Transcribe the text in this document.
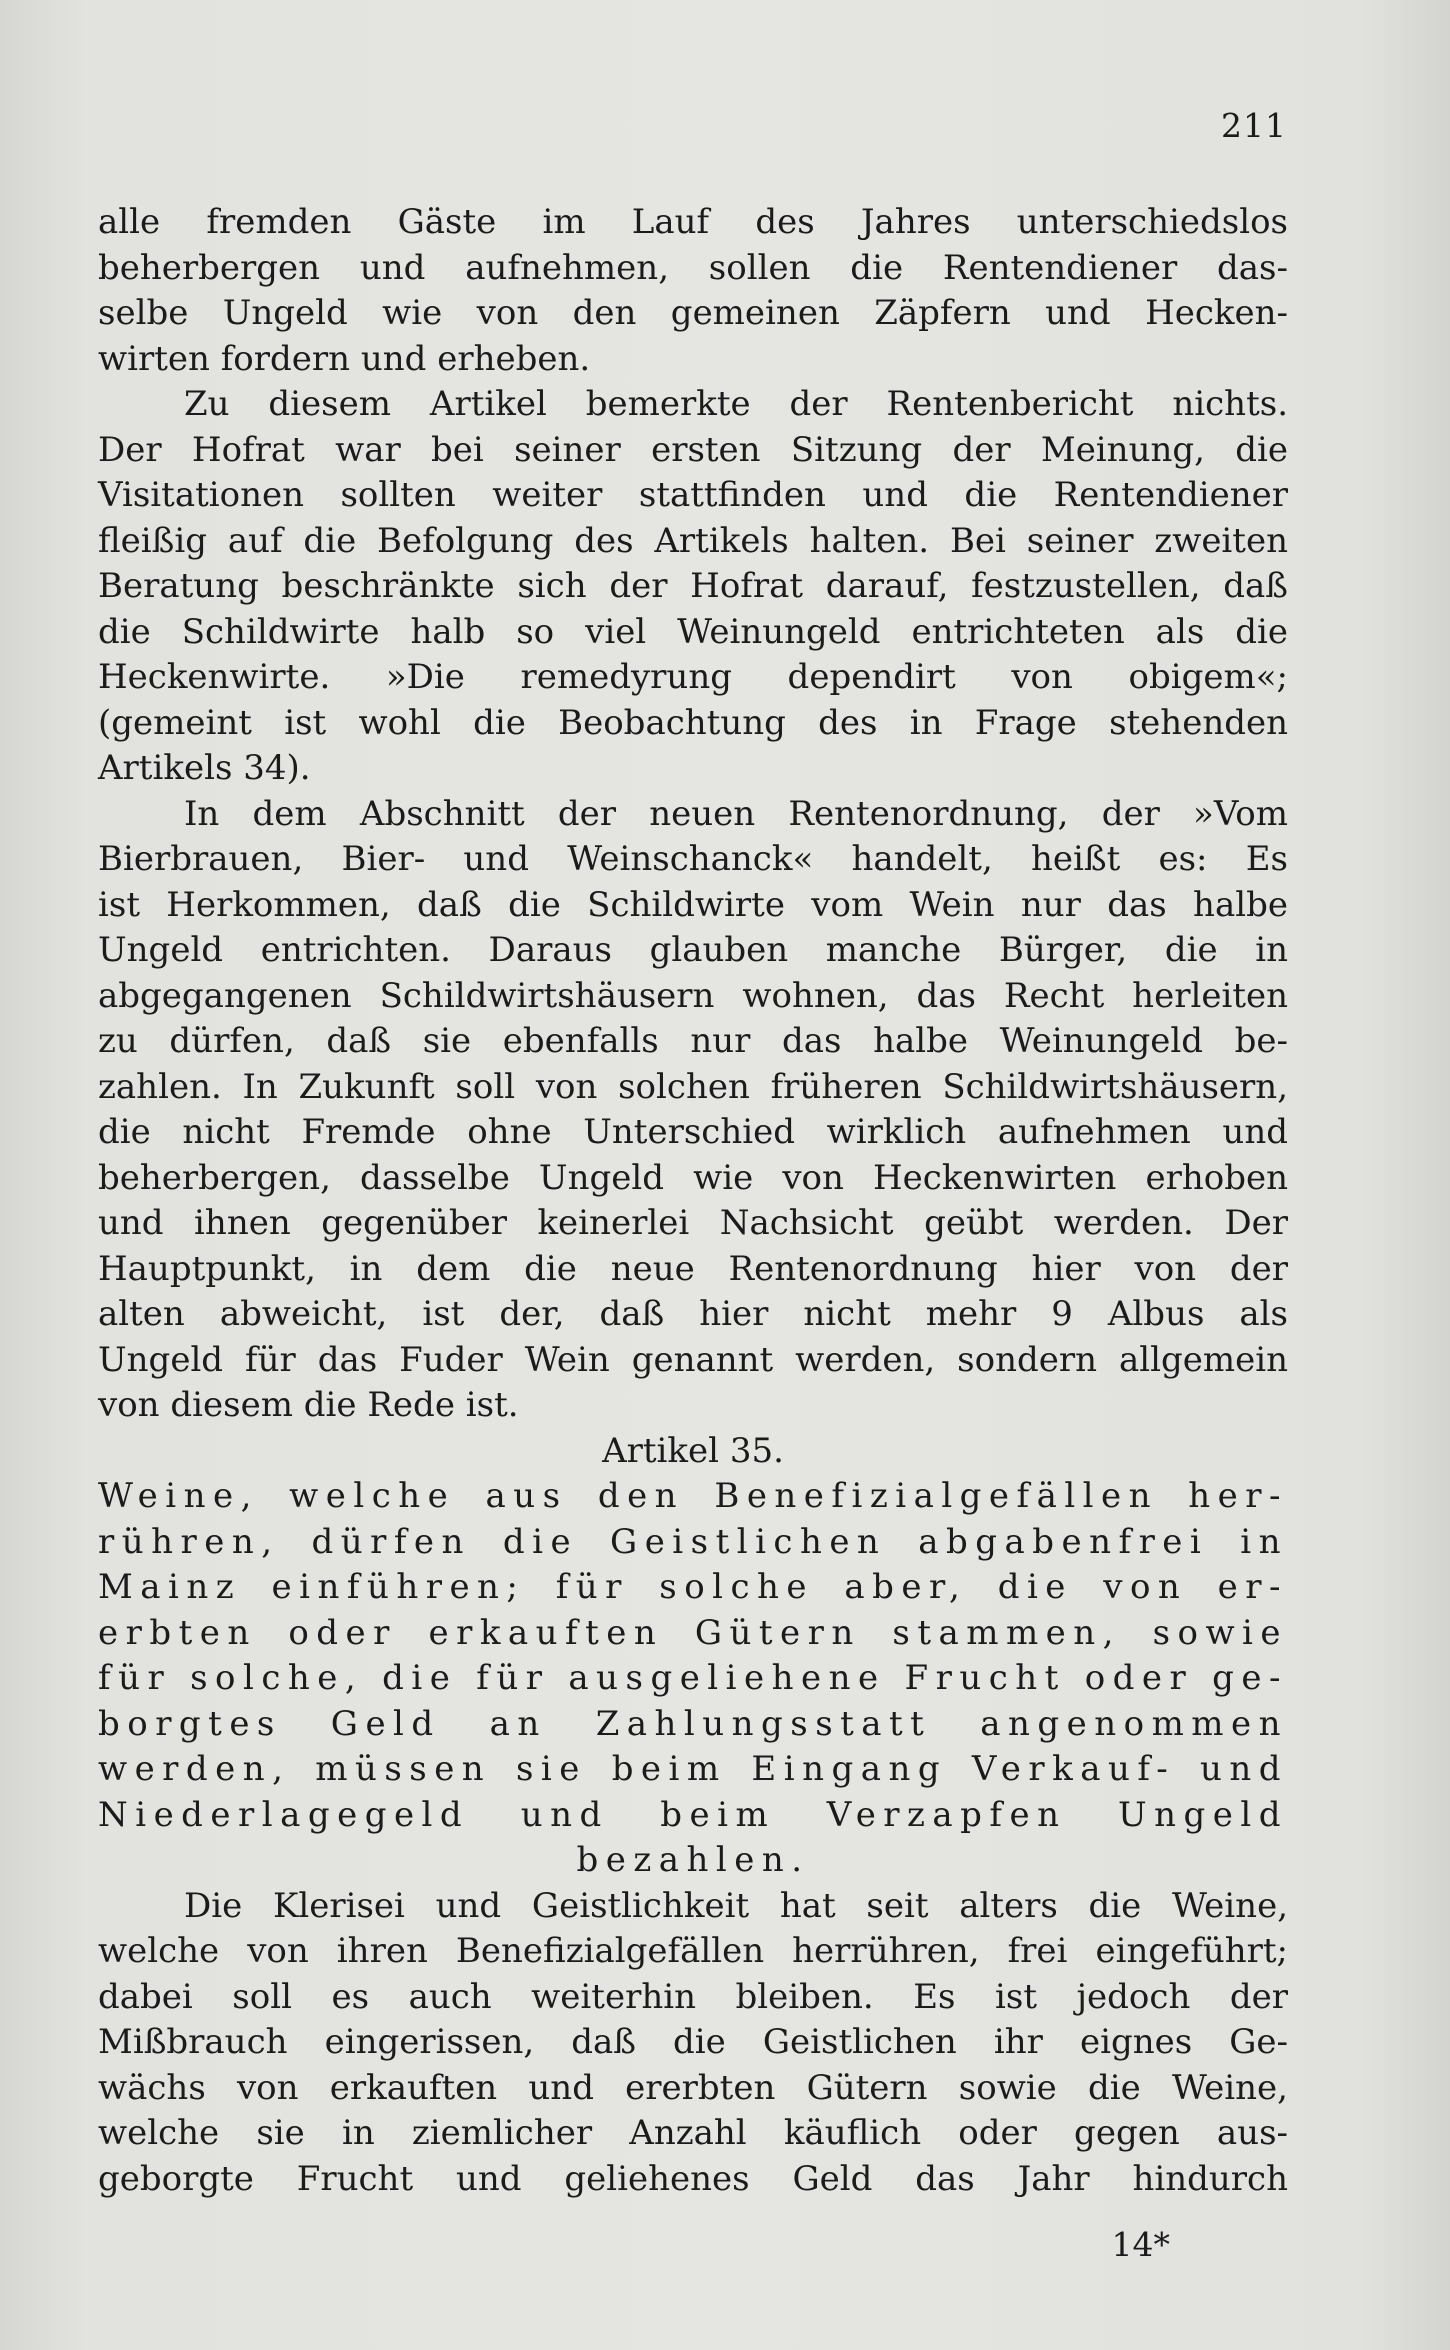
211
alle fremden Gäste im Lauf des Jahres unterschiedslos
beherbergen und aufnehmen, sollen die Rentendiener das-
selbe Ungeld wie von den gemeinen Zäpfern und Hecken-
wirten fordern und erheben.
Zu diesem Artikel bemerkte der Rentenbericht nichts.
Der Hofrat war bei seiner ersten Sitzung der Meinung, die
Visitationen sollten weiter stattfinden und die Rentendiener
fleißig auf die Befolgung des Artikels halten. Bei seiner zweiten
Beratung beschränkte sich der Hofrat darauf, festzustellen, daß
die Schildwirte halb so viel Weinungeld entrichteten als die
Heckenwirte. »Die remedyrung dependirt von obigem«;
(gemeint ist wohl die Beobachtung des in Frage stehenden
Artikels 34).
In dem Abschnitt der neuen Rentenordnung, der »Vom
Bierbrauen, Bier- und Weinschanck« handelt, heißt es: Es
ist Herkommen, daß die Schildwirte vom Wein nur das halbe
Ungeld entrichten. Daraus glauben manche Bürger, die in
abgegangenen Schildwirtshäusern wohnen, das Recht herleiten
zu dürfen, daß sie ebenfalls nur das halbe Weinungeld be-
zahlen. In Zukunft soll von solchen früheren Schildwirtshäusern,
die nicht Fremde ohne Unterschied wirklich aufnehmen und
beherbergen, dasselbe Ungeld wie von Heckenwirten erhoben
und ihnen gegenüber keinerlei Nachsicht geübt werden. Der
Hauptpunkt, in dem die neue Rentenordnung hier von der
alten abweicht, ist der, daß hier nicht mehr 9 Albus als
Ungeld für das Fuder Wein genannt werden, sondern allgemein
von diesem die Rede ist.
Artikel 35.
Weine, welche aus den Benefizialgefällen her-
rühren, dürfen die Geistlichen abgabenfrei in
Mainz einführen; für solche aber, die von er-
erbten oder erkauften Gütern stammen, sowie
für solche, die für ausgeliehene Frucht oder ge-
borgtes Geld an Zahlungsstatt angenommen
werden, müssen sie beim Eingang Verkauf- und
Niederlagegeld und beim Verzapfen Ungeld
bezahlen.
Die Klerisei und Geistlichkeit hat seit alters die Weine,
welche von ihren Benefizialgefällen herrühren, frei eingeführt;
dabei soll es auch weiterhin bleiben. Es ist jedoch der
Mißbrauch eingerissen, daß die Geistlichen ihr eignes Ge-
wächs von erkauften und ererbten Gütern sowie die Weine,
welche sie in ziemlicher Anzahl käuflich oder gegen aus-
geborgte Frucht und geliehenes Geld das Jahr hindurch
14*
